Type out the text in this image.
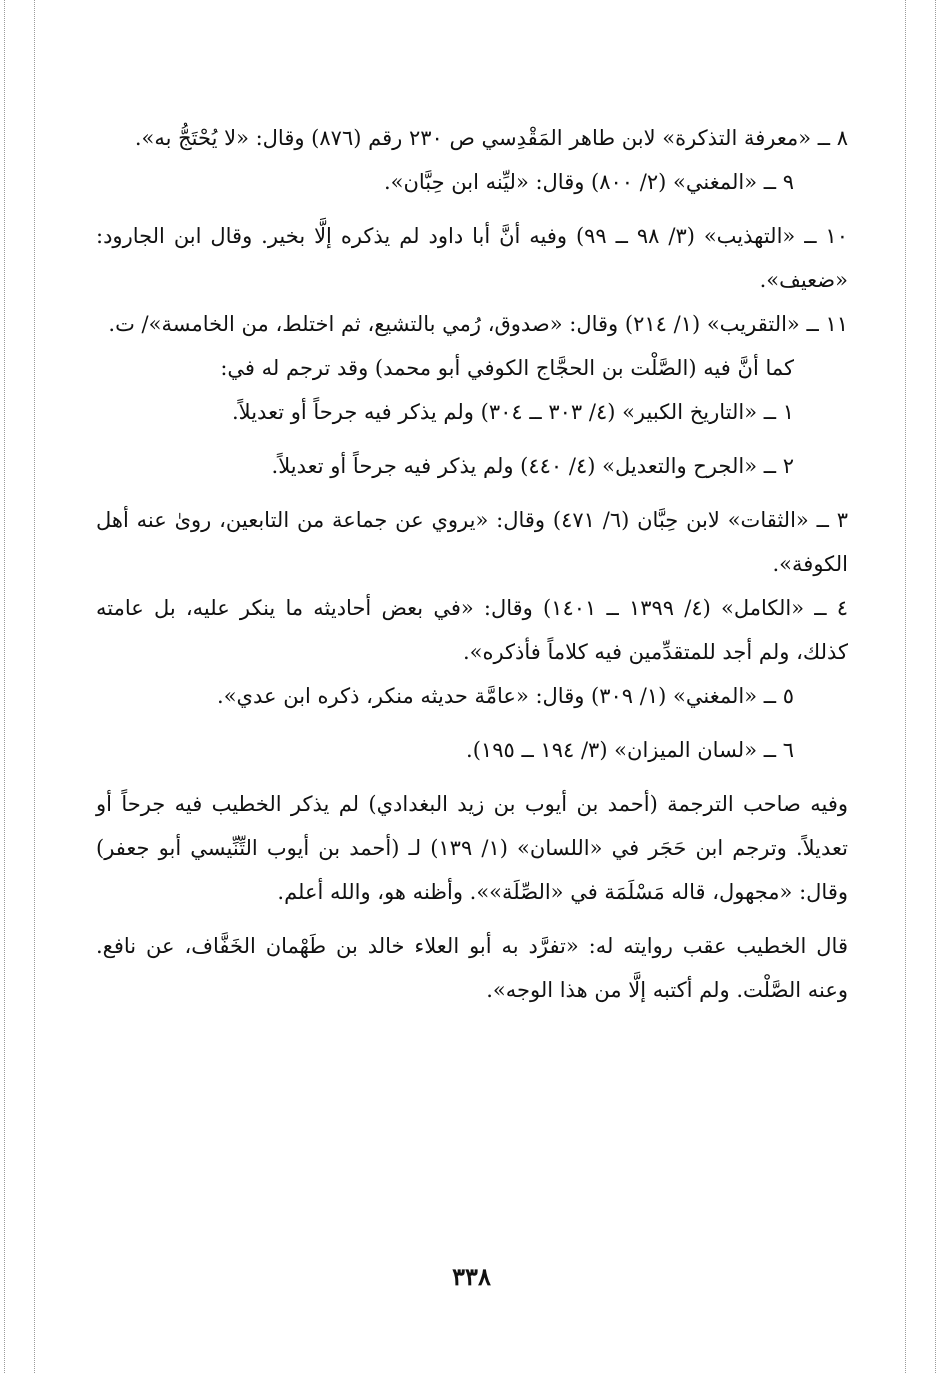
٨ ــ «معرفة التذكرة» لابن طاهر المَقْدِسي ص ٢٣٠ رقم (٨٧٦) وقال: «لا يُحْتَجُّ به».

٩ ــ «المغني» (٢/ ٨٠٠) وقال: «ليِّنه ابن حِبَّان».

١٠ ــ «التهذيب» (٣/ ٩٨ ــ ٩٩) وفيه أنَّ أبا داود لم يذكره إلَّا بخير. وقال ابن الجارود: «ضعيف».

١١ ــ «التقريب» (١/ ٢١٤) وقال: «صدوق، رُمي بالتشيع، ثم اختلط، من الخامسة»/ ت.

كما أنَّ فيه (الصَّلْت بن الحجَّاج الكوفي أبو محمد) وقد ترجم له في:

١ ــ «التاريخ الكبير» (٤/ ٣٠٣ ــ ٣٠٤) ولم يذكر فيه جرحاً أو تعديلاً.

٢ ــ «الجرح والتعديل» (٤/ ٤٤٠) ولم يذكر فيه جرحاً أو تعديلاً.

٣ ــ «الثقات» لابن حِبَّان (٦/ ٤٧١) وقال: «يروي عن جماعة من التابعين، روىٰ عنه أهل الكوفة».

٤ ــ «الكامل» (٤/ ١٣٩٩ ــ ١٤٠١) وقال: «في بعض أحاديثه ما ينكر عليه، بل عامته كذلك، ولم أجد للمتقدِّمين فيه كلاماً فأذكره».

٥ ــ «المغني» (١/ ٣٠٩) وقال: «عامَّة حديثه منكر، ذكره ابن عدي».

٦ ــ «لسان الميزان» (٣/ ١٩٤ ــ ١٩٥).

وفيه صاحب الترجمة (أحمد بن أيوب بن زيد البغدادي) لم يذكر الخطيب فيه جرحاً أو تعديلاً. وترجم ابن حَجَر في «اللسان» (١/ ١٣٩) لـ (أحمد بن أيوب التِّنِّيسي أبو جعفر) وقال: «مجهول، قاله مَسْلَمَة في «الصِّلَة»». وأظنه هو، والله أعلم.

قال الخطيب عقب روايته له: «تفرَّد به أبو العلاء خالد بن طَهْمان الخَفَّاف، عن نافع. وعنه الصَّلْت. ولم أكتبه إلَّا من هذا الوجه».

٣٣٨
